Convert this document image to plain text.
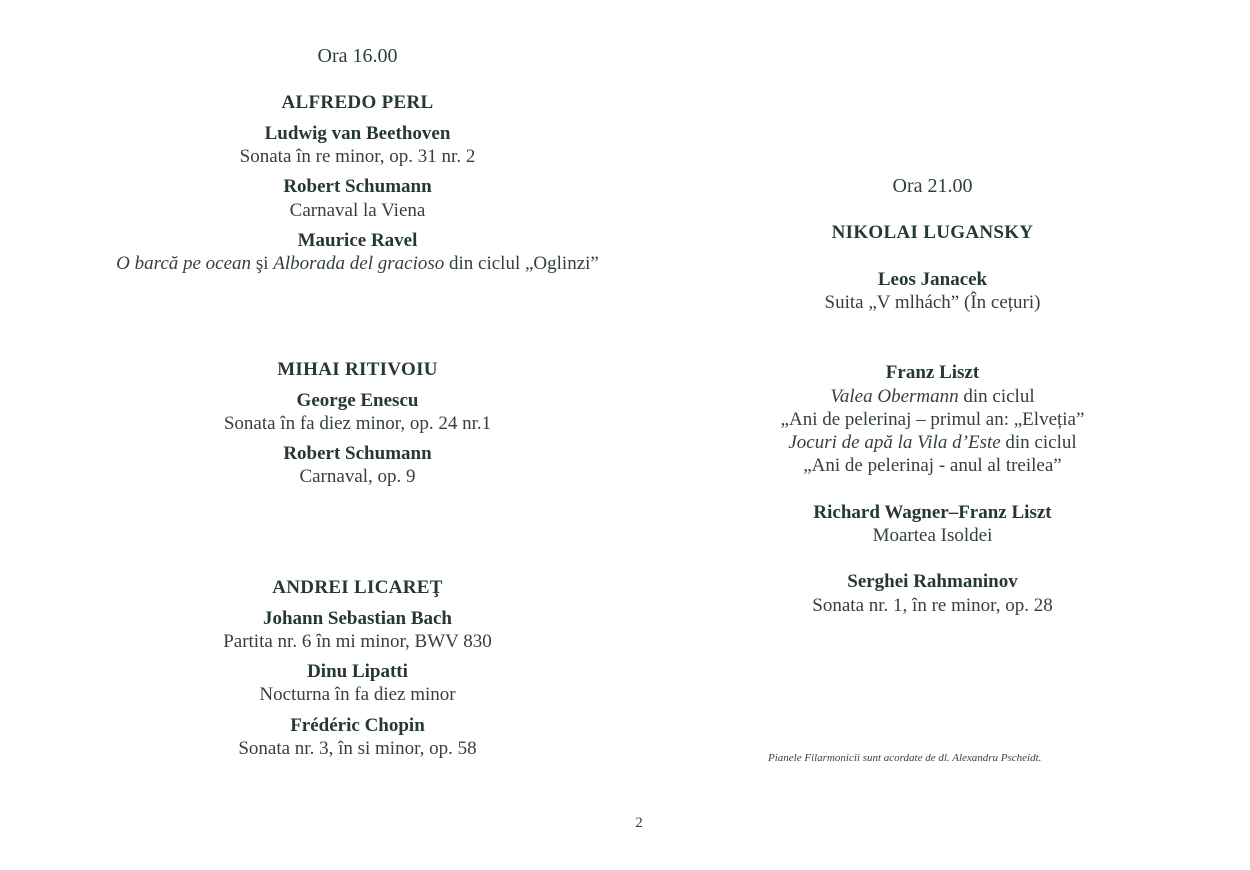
Ora 16.00
ALFREDO PERL
Ludwig van Beethoven
Sonata în re minor, op. 31 nr. 2
Robert Schumann
Carnaval la Viena
Maurice Ravel
O barcă pe ocean şi Alborada del gracioso din ciclul „Oglinzi”
MIHAI RITIVOIU
George Enescu
Sonata în fa diez minor, op. 24 nr.1
Robert Schumann
Carnaval, op. 9
ANDREI LICAREŢ
Johann Sebastian Bach
Partita nr. 6 în mi minor, BWV 830
Dinu Lipatti
Nocturna în fa diez minor
Frédéric Chopin
Sonata nr. 3, în si minor, op. 58
Ora 21.00
NIKOLAI LUGANSKY
Leos Janacek
Suita „V mlhách” (În cețuri)
Franz Liszt
Valea Obermann din ciclul
„Ani de pelerinaj – primul an: „Elveția”
Jocuri de apă la Vila d’Este din ciclul
„Ani de pelerinaj - anul al treilea”
Richard Wagner–Franz Liszt
Moartea Isoldei
Serghei Rahmaninov
Sonata nr. 1, în re minor, op. 28
Pianele Filarmonicii sunt acordate de dl. Alexandru Pscheidt.
2
